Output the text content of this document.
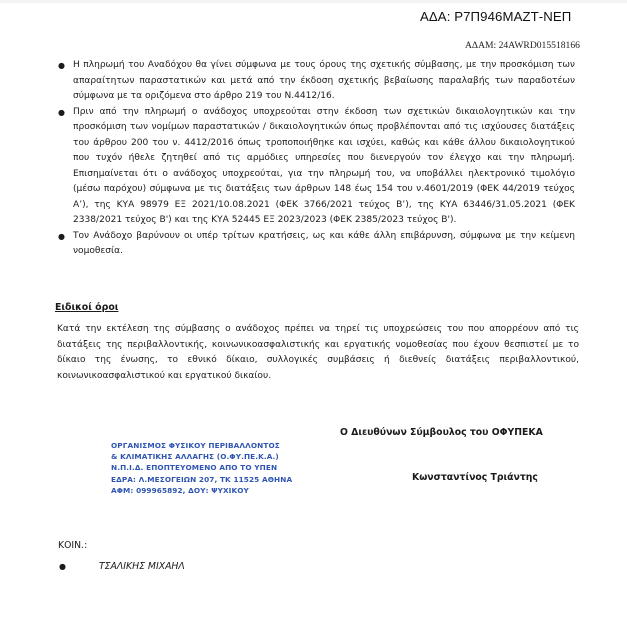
ΑΔΑ: Ρ7Π946ΜΑΖΤ-ΝΕΠ
ΑΔΑΜ: 24AWRD015518166
● Η πληρωμή του Αναδόχου θα γίνει σύμφωνα με τους όρους της σχετικής σύμβασης, με την προσκόμιση των απαραίτητων παραστατικών και μετά από την έκδοση σχετικής βεβαίωσης παραλαβής των παραδοτέων σύμφωνα με τα οριζόμενα στο άρθρο 219 του Ν.4412/16.
● Πριν από την πληρωμή ο ανάδοχος υποχρεούται στην έκδοση των σχετικών δικαιολογητικών και την προσκόμιση των νομίμων παραστατικών / δικαιολογητικών όπως προβλέπονται από τις ισχύουσες διατάξεις του άρθρου 200 του ν. 4412/2016 όπως τροποποιήθηκε και ισχύει, καθώς και κάθε άλλου δικαιολογητικού που τυχόν ήθελε ζητηθεί από τις αρμόδιες υπηρεσίες που διενεργούν τον έλεγχο και την πληρωμή. Επισημαίνεται ότι ο ανάδοχος υποχρεούται, για την πληρωμή του, να υποβάλλει ηλεκτρονικό τιμολόγιο (μέσω παρόχου) σύμφωνα με τις διατάξεις των άρθρων 148 έως 154 του ν.4601/2019 (ΦΕΚ 44/2019 τεύχος Α’), της ΚΥΑ 98979 ΕΞ 2021/10.08.2021 (ΦΕΚ 3766/2021 τεύχος Β’), της ΚΥΑ 63446/31.05.2021 (ΦΕΚ 2338/2021 τεύχος Β') και της ΚΥΑ 52445 ΕΞ 2023/2023 (ΦΕΚ 2385/2023 τεύχος Β').
● Τον Ανάδοχο βαρύνουν οι υπέρ τρίτων κρατήσεις, ως και κάθε άλλη επιβάρυνση, σύμφωνα με την κείμενη νομοθεσία.
Ειδικοί όροι
Κατά την εκτέλεση της σύμβασης ο ανάδοχος πρέπει να τηρεί τις υποχρεώσεις του που απορρέουν από τις διατάξεις της περιβαλλοντικής, κοινωνικοασφαλιστικής και εργατικής νομοθεσίας που έχουν θεσπιστεί με το δίκαιο της ένωσης, το εθνικό δίκαιο, συλλογικές συμβάσεις ή διεθνείς διατάξεις περιβαλλοντικού, κοινωνικοασφαλιστικού και εργατικού δικαίου.
ΟΡΓΑΝΙΣΜΟΣ ΦΥΣΙΚΟΥ ΠΕΡΙΒΑΛΛΟΝΤΟΣ
& ΚΛΙΜΑΤΙΚΗΣ ΑΛΛΑΓΗΣ (Ο.ΦΥ.ΠΕ.Κ.Α.)
Ν.Π.Ι.Δ. ΕΠΟΠΤΕΥΟΜΕΝΟ ΑΠΟ ΤΟ ΥΠΕΝ
ΕΔΡΑ: Λ.ΜΕΣΟΓΕΙΩΝ 207, ΤΚ 11525 ΑΘΗΝΑ
ΑΦΜ: 099965892, ΔΟΥ: ΨΥΧΙΚΟΥ
Ο Διευθύνων Σύμβουλος του ΟΦΥΠΕΚΑ
Κωνσταντίνος Τριάντης
ΚΟΙΝ.:
●	ΤΣΑΛΙΚΗΣ ΜΙΧΑΗΛ
